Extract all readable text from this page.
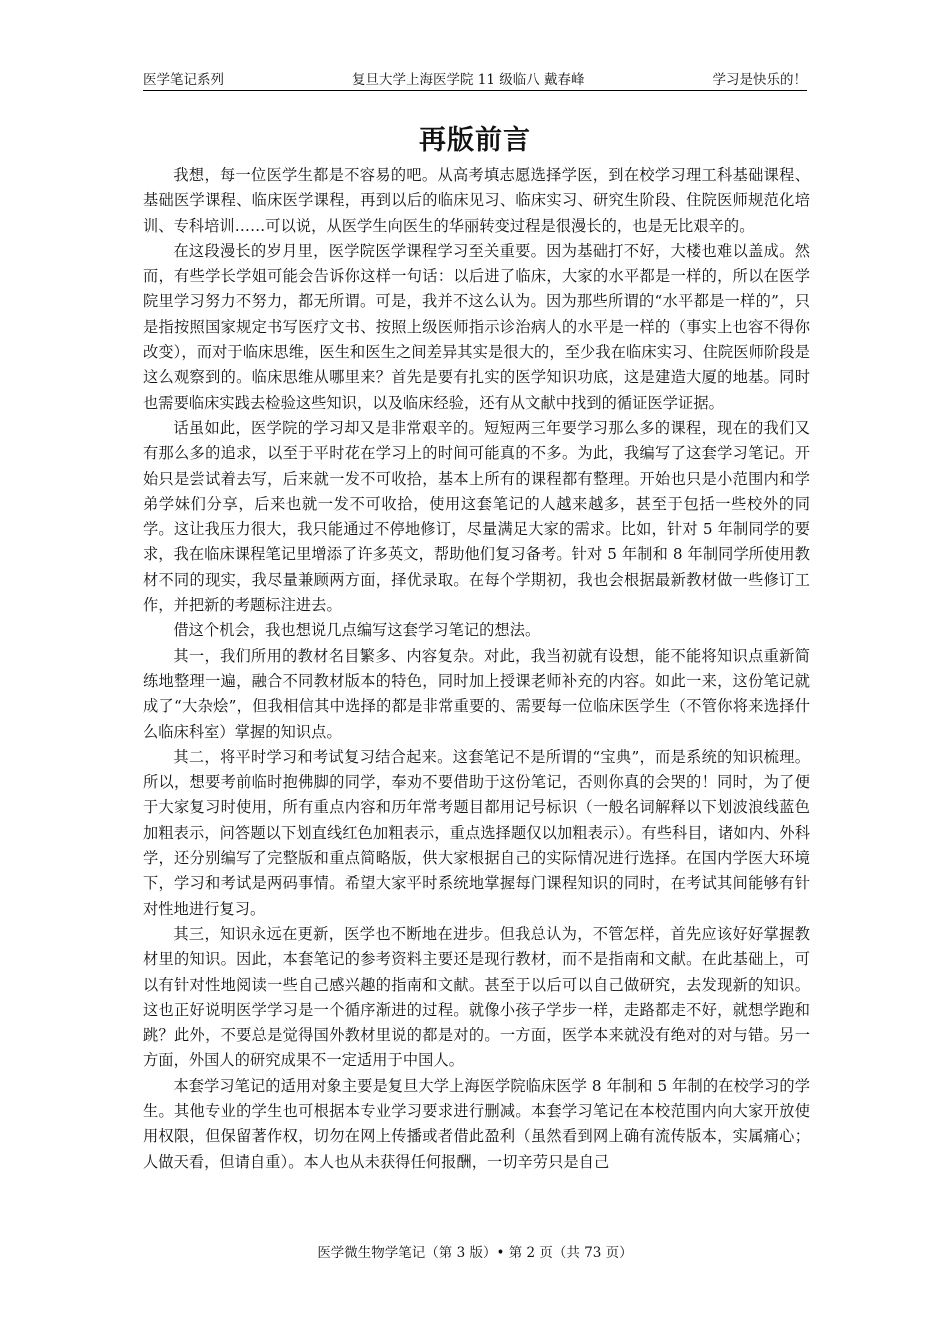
医学笔记系列	复旦大学上海医学院 11 级临八 戴春峰	学习是快乐的！
再版前言

我想，每一位医学生都是不容易的吧。从高考填志愿选择学医，到在校学习理工科基础课程、基础医学课程、临床医学课程，再到以后的临床见习、临床实习、研究生阶段、住院医师规范化培训、专科培训……可以说，从医学生向医生的华丽转变过程是很漫长的，也是无比艰辛的。

在这段漫长的岁月里，医学院医学课程学习至关重要。因为基础打不好，大楼也难以盖成。然而，有些学长学姐可能会告诉你这样一句话：以后进了临床，大家的水平都是一样的，所以在医学院里学习努力不努力，都无所谓。可是，我并不这么认为。因为那些所谓的“水平都是一样的”，只是指按照国家规定书写医疗文书、按照上级医师指示诊治病人的水平是一样的（事实上也容不得你改变），而对于临床思维，医生和医生之间差异其实是很大的，至少我在临床实习、住院医师阶段是这么观察到的。临床思维从哪里来？首先是要有扎实的医学知识功底，这是建造大厦的地基。同时也需要临床实践去检验这些知识，以及临床经验，还有从文献中找到的循证医学证据。

话虽如此，医学院的学习却又是非常艰辛的。短短两三年要学习那么多的课程，现在的我们又有那么多的追求，以至于平时花在学习上的时间可能真的不多。为此，我编写了这套学习笔记。开始只是尝试着去写，后来就一发不可收拾，基本上所有的课程都有整理。开始也只是小范围内和学弟学妹们分享，后来也就一发不可收拾，使用这套笔记的人越来越多，甚至于包括一些校外的同学。这让我压力很大，我只能通过不停地修订，尽量满足大家的需求。比如，针对 5 年制同学的要求，我在临床课程笔记里增添了许多英文，帮助他们复习备考。针对 5 年制和 8 年制同学所使用教材不同的现实，我尽量兼顾两方面，择优录取。在每个学期初，我也会根据最新教材做一些修订工作，并把新的考题标注进去。

借这个机会，我也想说几点编写这套学习笔记的想法。

其一，我们所用的教材名目繁多、内容复杂。对此，我当初就有设想，能不能将知识点重新简练地整理一遍，融合不同教材版本的特色，同时加上授课老师补充的内容。如此一来，这份笔记就成了“大杂烩”，但我相信其中选择的都是非常重要的、需要每一位临床医学生（不管你将来选择什么临床科室）掌握的知识点。

其二，将平时学习和考试复习结合起来。这套笔记不是所谓的“宝典”，而是系统的知识梳理。所以，想要考前临时抱佛脚的同学，奉劝不要借助于这份笔记，否则你真的会哭的！同时，为了便于大家复习时使用，所有重点内容和历年常考题目都用记号标识（一般名词解释以下划波浪线蓝色加粗表示，问答题以下划直线红色加粗表示，重点选择题仅以加粗表示）。有些科目，诸如内、外科学，还分别编写了完整版和重点简略版，供大家根据自己的实际情况进行选择。在国内学医大环境下，学习和考试是两码事情。希望大家平时系统地掌握每门课程知识的同时，在考试其间能够有针对性地进行复习。

其三，知识永远在更新，医学也不断地在进步。但我总认为，不管怎样，首先应该好好掌握教材里的知识。因此，本套笔记的参考资料主要还是现行教材，而不是指南和文献。在此基础上，可以有针对性地阅读一些自己感兴趣的指南和文献。甚至于以后可以自己做研究，去发现新的知识。这也正好说明医学学习是一个循序渐进的过程。就像小孩子学步一样，走路都走不好，就想学跑和跳？此外，不要总是觉得国外教材里说的都是对的。一方面，医学本来就没有绝对的对与错。另一方面，外国人的研究成果不一定适用于中国人。

本套学习笔记的适用对象主要是复旦大学上海医学院临床医学 8 年制和 5 年制的在校学习的学生。其他专业的学生也可根据本专业学习要求进行删减。本套学习笔记在本校范围内向大家开放使用权限，但保留著作权，切勿在网上传播或者借此盈利（虽然看到网上确有流传版本，实属痛心；人做天看，但请自重）。本人也从未获得任何报酬，一切辛劳只是自己

医学微生物学笔记（第 3 版）• 第 2 页（共 73 页）
